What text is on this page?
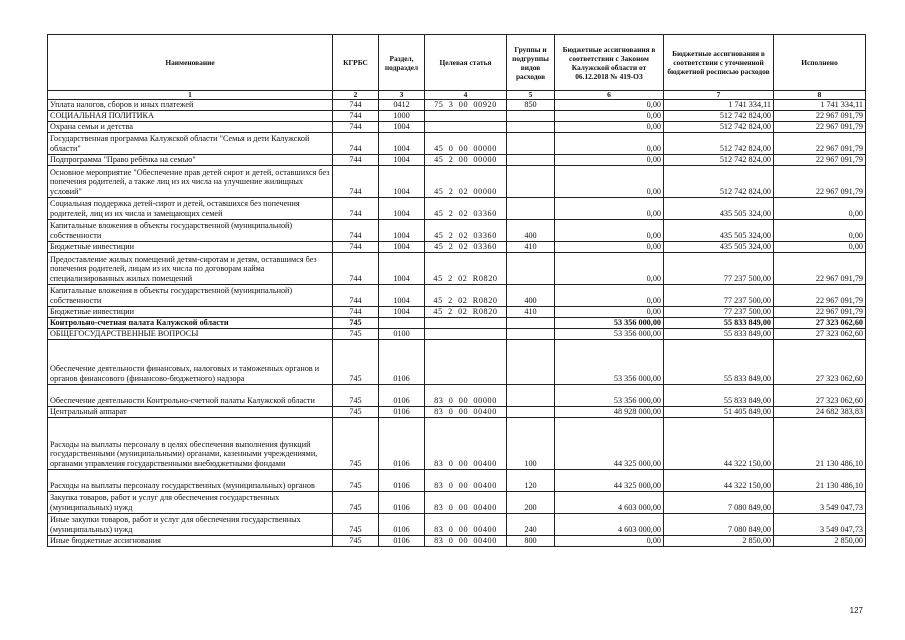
Наименование	КГРБС	Раздел, подраздел	Целевая статья	Группы и подгруппы видов расходов	Бюджетные ассигнования в соответствии с Законом Калужской области от 06.12.2018 № 419-ОЗ	Бюджетные ассигнования в соответствии с уточненной бюджетной росписью расходов	Исполнено
1	2	3	4	5	6	7	8
Уплата налогов, сборов и иных платежей	744	0412	75  3  00  00920	850	0,00	1 741 334,11	1 741 334,11
СОЦИАЛЬНАЯ ПОЛИТИКА	744	1000			0,00	512 742 824,00	22 967 091,79
Охрана семьи и детства	744	1004			0,00	512 742 824,00	22 967 091,79
Государственная программа Калужской области "Семья и дети Калужской области"	744	1004	45  0  00  00000		0,00	512 742 824,00	22 967 091,79
Подпрограмма "Право ребёнка на семью"	744	1004	45  2  00  00000		0,00	512 742 824,00	22 967 091,79
Основное мероприятие "Обеспечение прав детей сирот и детей, оставшихся без попечения родителей, а также лиц из их числа на улучшение жилищных условий"	744	1004	45  2  02  00000		0,00	512 742 824,00	22 967 091,79
Социальная поддержка детей-сирот и детей, оставшихся без попечения родителей, лиц из их числа и замещающих семей	744	1004	45  2  02  03360		0,00	435 505 324,00	0,00
Капитальные вложения в объекты государственной (муниципальной) собственности	744	1004	45  2  02  03360	400	0,00	435 505 324,00	0,00
Бюджетные инвестиции	744	1004	45  2  02  03360	410	0,00	435 505 324,00	0,00
Предоставление жилых помещений детям-сиротам и детям, оставшимся без попечения родителей, лицам из их числа по договорам найма специализированных жилых помещений	744	1004	45  2  02  R0820		0,00	77 237 500,00	22 967 091,79
Капитальные вложения в объекты государственной (муниципальной) собственности	744	1004	45  2  02  R0820	400	0,00	77 237 500,00	22 967 091,79
Бюджетные инвестиции	744	1004	45  2  02  R0820	410	0,00	77 237 500,00	22 967 091,79
Контрольно-счетная палата Калужской области	745				53 356 000,00	55 833 849,00	27 323 062,60
ОБЩЕГОСУДАРСТВЕННЫЕ ВОПРОСЫ	745	0100			53 356 000,00	55 833 849,00	27 323 062,60
Обеспечение деятельности финансовых, налоговых и таможенных органов и органов финансового (финансово-бюджетного) надзора	745	0106			53 356 000,00	55 833 849,00	27 323 062,60
Обеспечение деятельности Контрольно-счетной палаты Калужской области	745	0106	83  0  00  00000		53 356 000,00	55 833 849,00	27 323 062,60
Центральный аппарат	745	0106	83  0  00  00400		48 928 000,00	51 405 849,00	24 682 383,83
Расходы на выплаты персоналу в целях обеспечения выполнения функций государственными (муниципальными) органами, казенными учреждениями, органами управления государственными внебюджетными фондами	745	0106	83  0  00  00400	100	44 325 000,00	44 322 150,00	21 130 486,10
Расходы на выплаты персоналу государственных (муниципальных) органов	745	0106	83  0  00  00400	120	44 325 000,00	44 322 150,00	21 130 486,10
Закупка товаров, работ и услуг для обеспечения государственных (муниципальных) нужд	745	0106	83  0  00  00400	200	4 603 000,00	7 080 849,00	3 549 047,73
Иные закупки товаров, работ и услуг для обеспечения государственных (муниципальных) нужд	745	0106	83  0  00  00400	240	4 603 000,00	7 080 849,00	3 549 047,73
Иные бюджетные ассигнования	745	0106	83  0  00  00400	800	0,00	2 850,00	2 850,00
127
